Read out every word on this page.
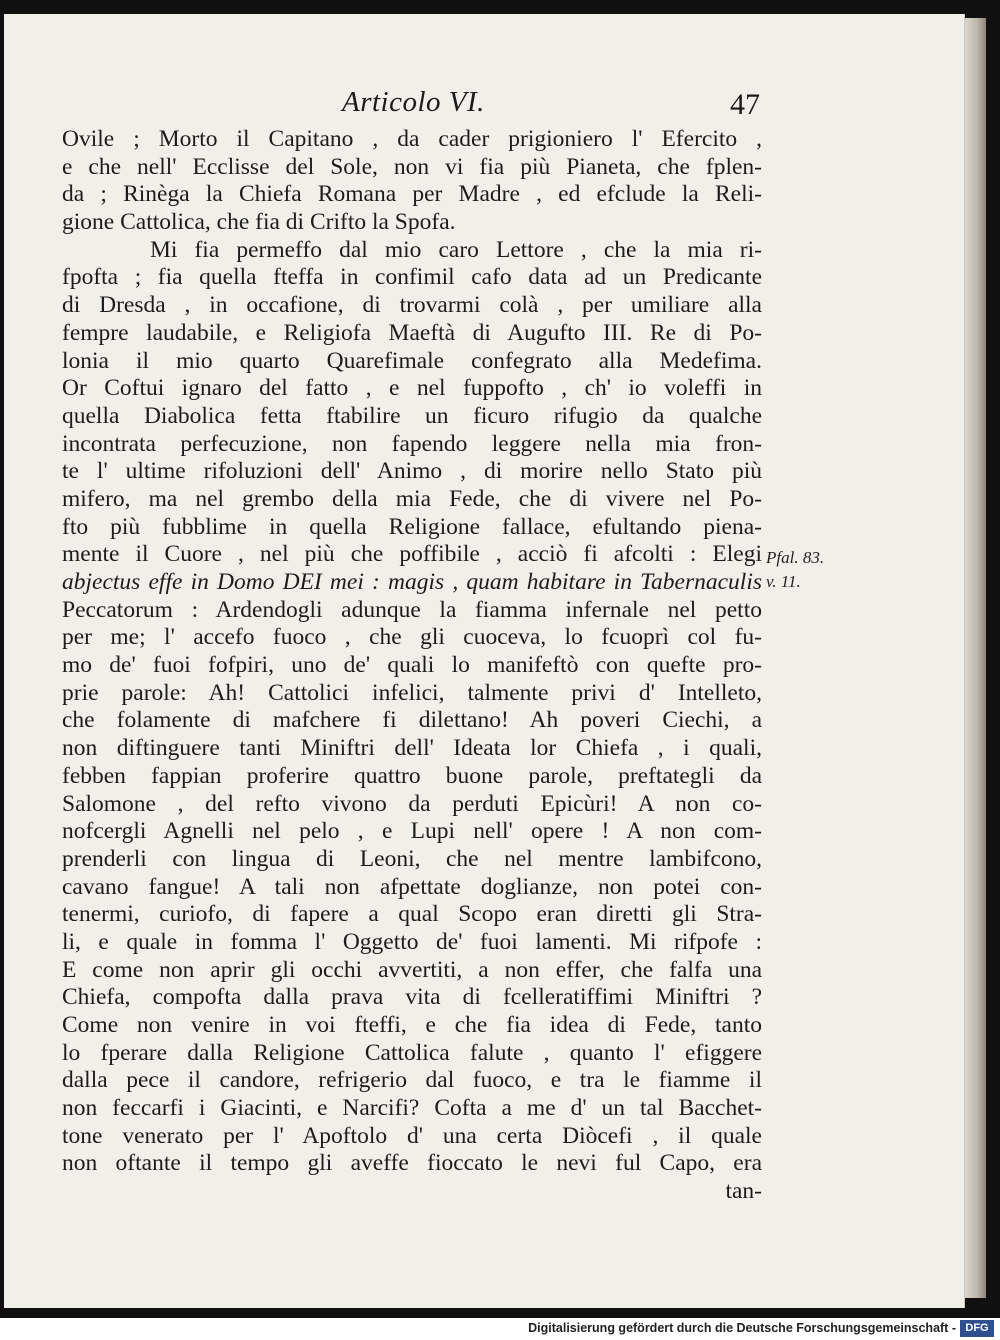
Articolo VI.	47
Ovile ; Morto il Capitano , da cader prigioniero l' Efercito ,
e che nell' Ecclisse del Sole, non vi fia più Pianeta, che fplen-
da ; Rinèga la Chiefa Romana per Madre , ed efclude la Reli-
gione Cattolica, che fia di Crifto la Spofa.
Mi fia permeffo dal mio caro Lettore , che la mia ri-
fpofta ; fia quella fteffa in confimil cafo data ad un Predicante
di Dresda , in occafione, di trovarmi colà , per umiliare alla
fempre laudabile, e Religiofa Maeftà di Augufto III. Re di Po-
lonia il mio quarto Quarefimale confegrato alla Medefima.
Or Coftui ignaro del fatto , e nel fuppofto , ch' io voleffi in
quella Diabolica fetta ftabilire un ficuro rifugio da qualche
incontrata perfecuzione, non fapendo leggere nella mia fron-
te l' ultime rifoluzioni dell' Animo , di morire nello Stato più
mifero, ma nel grembo della mia Fede, che di vivere nel Po-
fto più fubblime in quella Religione fallace, efultando piena-
mente il Cuore , nel più che poffibile , acciò fi afcolti : Elegi
abjectus effe in Domo DEI mei : magis , quam habitare in Tabernaculis
Peccatorum : Ardendogli adunque la fiamma infernale nel petto
per me; l' accefo fuoco , che gli cuoceva, lo fcuoprì col fu-
mo de' fuoi fofpiri, uno de' quali lo manifeftò con quefte pro-
prie parole: Ah! Cattolici infelici, talmente privi d' Intelleto,
che folamente di mafchere fi dilettano! Ah poveri Ciechi, a
non diftinguere tanti Miniftri dell' Ideata lor Chiefa , i quali,
febben fappian proferire quattro buone parole, preftategli da
Salomone , del refto vivono da perduti Epicùri! A non co-
nofcergli Agnelli nel pelo , e Lupi nell' opere ! A non com-
prenderli con lingua di Leoni, che nel mentre lambifcono,
cavano fangue! A tali non afpettate doglianze, non potei con-
tenermi, curiofo, di fapere a qual Scopo eran diretti gli Stra-
li, e quale in fomma l' Oggetto de' fuoi lamenti. Mi rifpofe :
E come non aprir gli occhi avvertiti, a non effer, che falfa una
Chiefa, compofta dalla prava vita di fcelleratiffimi Miniftri ?
Come non venire in voi fteffi, e che fia idea di Fede, tanto
lo fperare dalla Religione Cattolica falute , quanto l' efiggere
dalla pece il candore, refrigerio dal fuoco, e tra le fiamme il
non feccarfi i Giacinti, e Narcifi? Cofta a me d' un tal Bacchet-
tone venerato per l' Apoftolo d' una certa Diòcefi , il quale
non oftante il tempo gli aveffe fioccato le nevi ful Capo, era
tan-
Pfal. 83.
v. 11.
Digitalisierung gefördert durch die Deutsche Forschungsgemeinschaft - DFG
